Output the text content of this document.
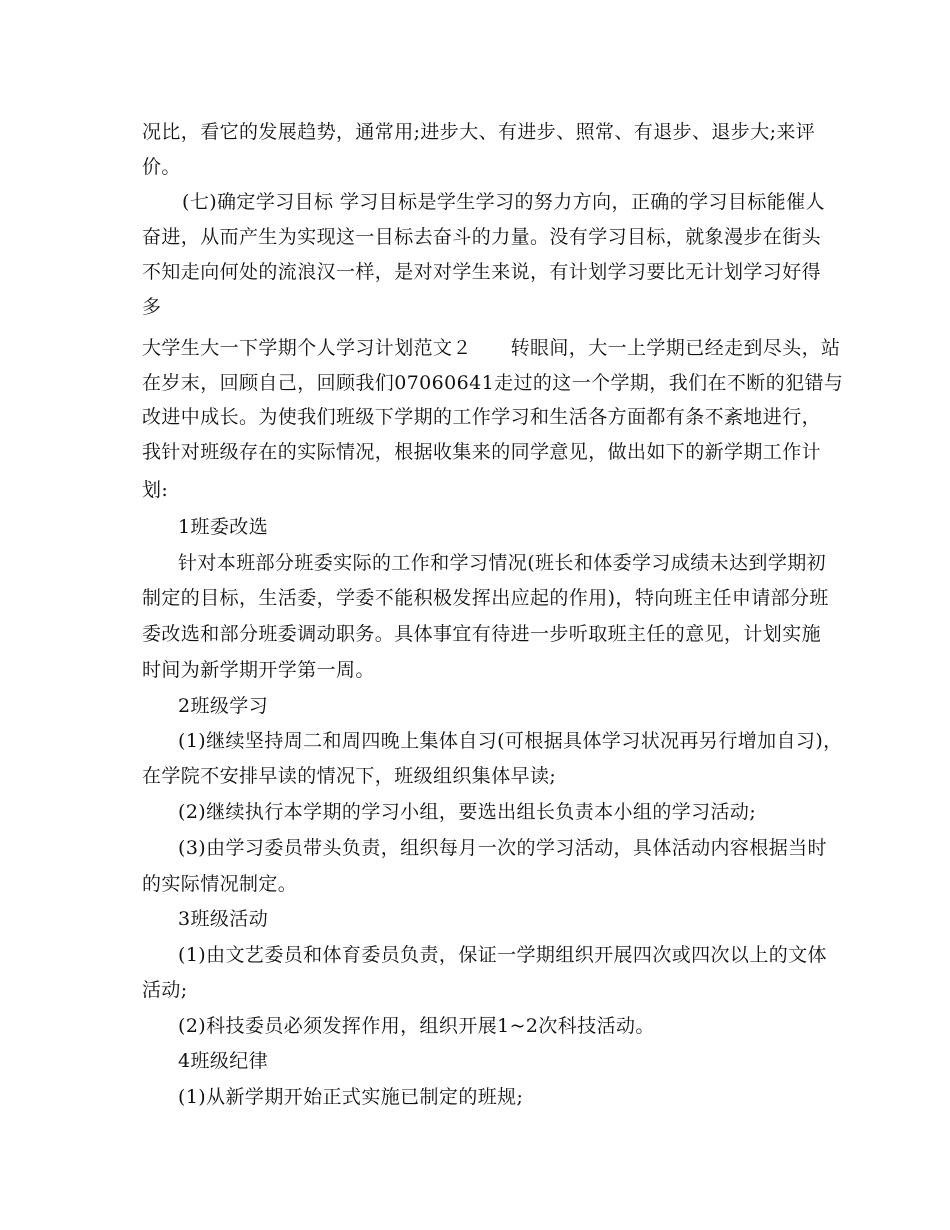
况比，看它的发展趋势，通常用;进步大、有进步、照常、有退步、退步大;来评
价。
(七)确定学习目标 学习目标是学生学习的努力方向，正确的学习目标能催人
奋进，从而产生为实现这一目标去奋斗的力量。没有学习目标，就象漫步在街头
不知走向何处的流浪汉一样，是对对学生来说，有计划学习要比无计划学习好得
多
大学生大一下学期个人学习计划范文２　　转眼间，大一上学期已经走到尽头，站
在岁末，回顾自己，回顾我们07060641走过的这一个学期，我们在不断的犯错与
改进中成长。为使我们班级下学期的工作学习和生活各方面都有条不紊地进行，
我针对班级存在的实际情况，根据收集来的同学意见，做出如下的新学期工作计
划:
1班委改选
针对本班部分班委实际的工作和学习情况(班长和体委学习成绩未达到学期初
制定的目标，生活委，学委不能积极发挥出应起的作用)，特向班主任申请部分班
委改选和部分班委调动职务。具体事宜有待进一步听取班主任的意见，计划实施
时间为新学期开学第一周。
2班级学习
(1)继续坚持周二和周四晚上集体自习(可根据具体学习状况再另行增加自习)，
在学院不安排早读的情况下，班级组织集体早读;
(2)继续执行本学期的学习小组，要选出组长负责本小组的学习活动;
(3)由学习委员带头负责，组织每月一次的学习活动，具体活动内容根据当时
的实际情况制定。
3班级活动
(1)由文艺委员和体育委员负责，保证一学期组织开展四次或四次以上的文体
活动;
(2)科技委员必须发挥作用，组织开展1~2次科技活动。
4班级纪律
(1)从新学期开始正式实施已制定的班规;
